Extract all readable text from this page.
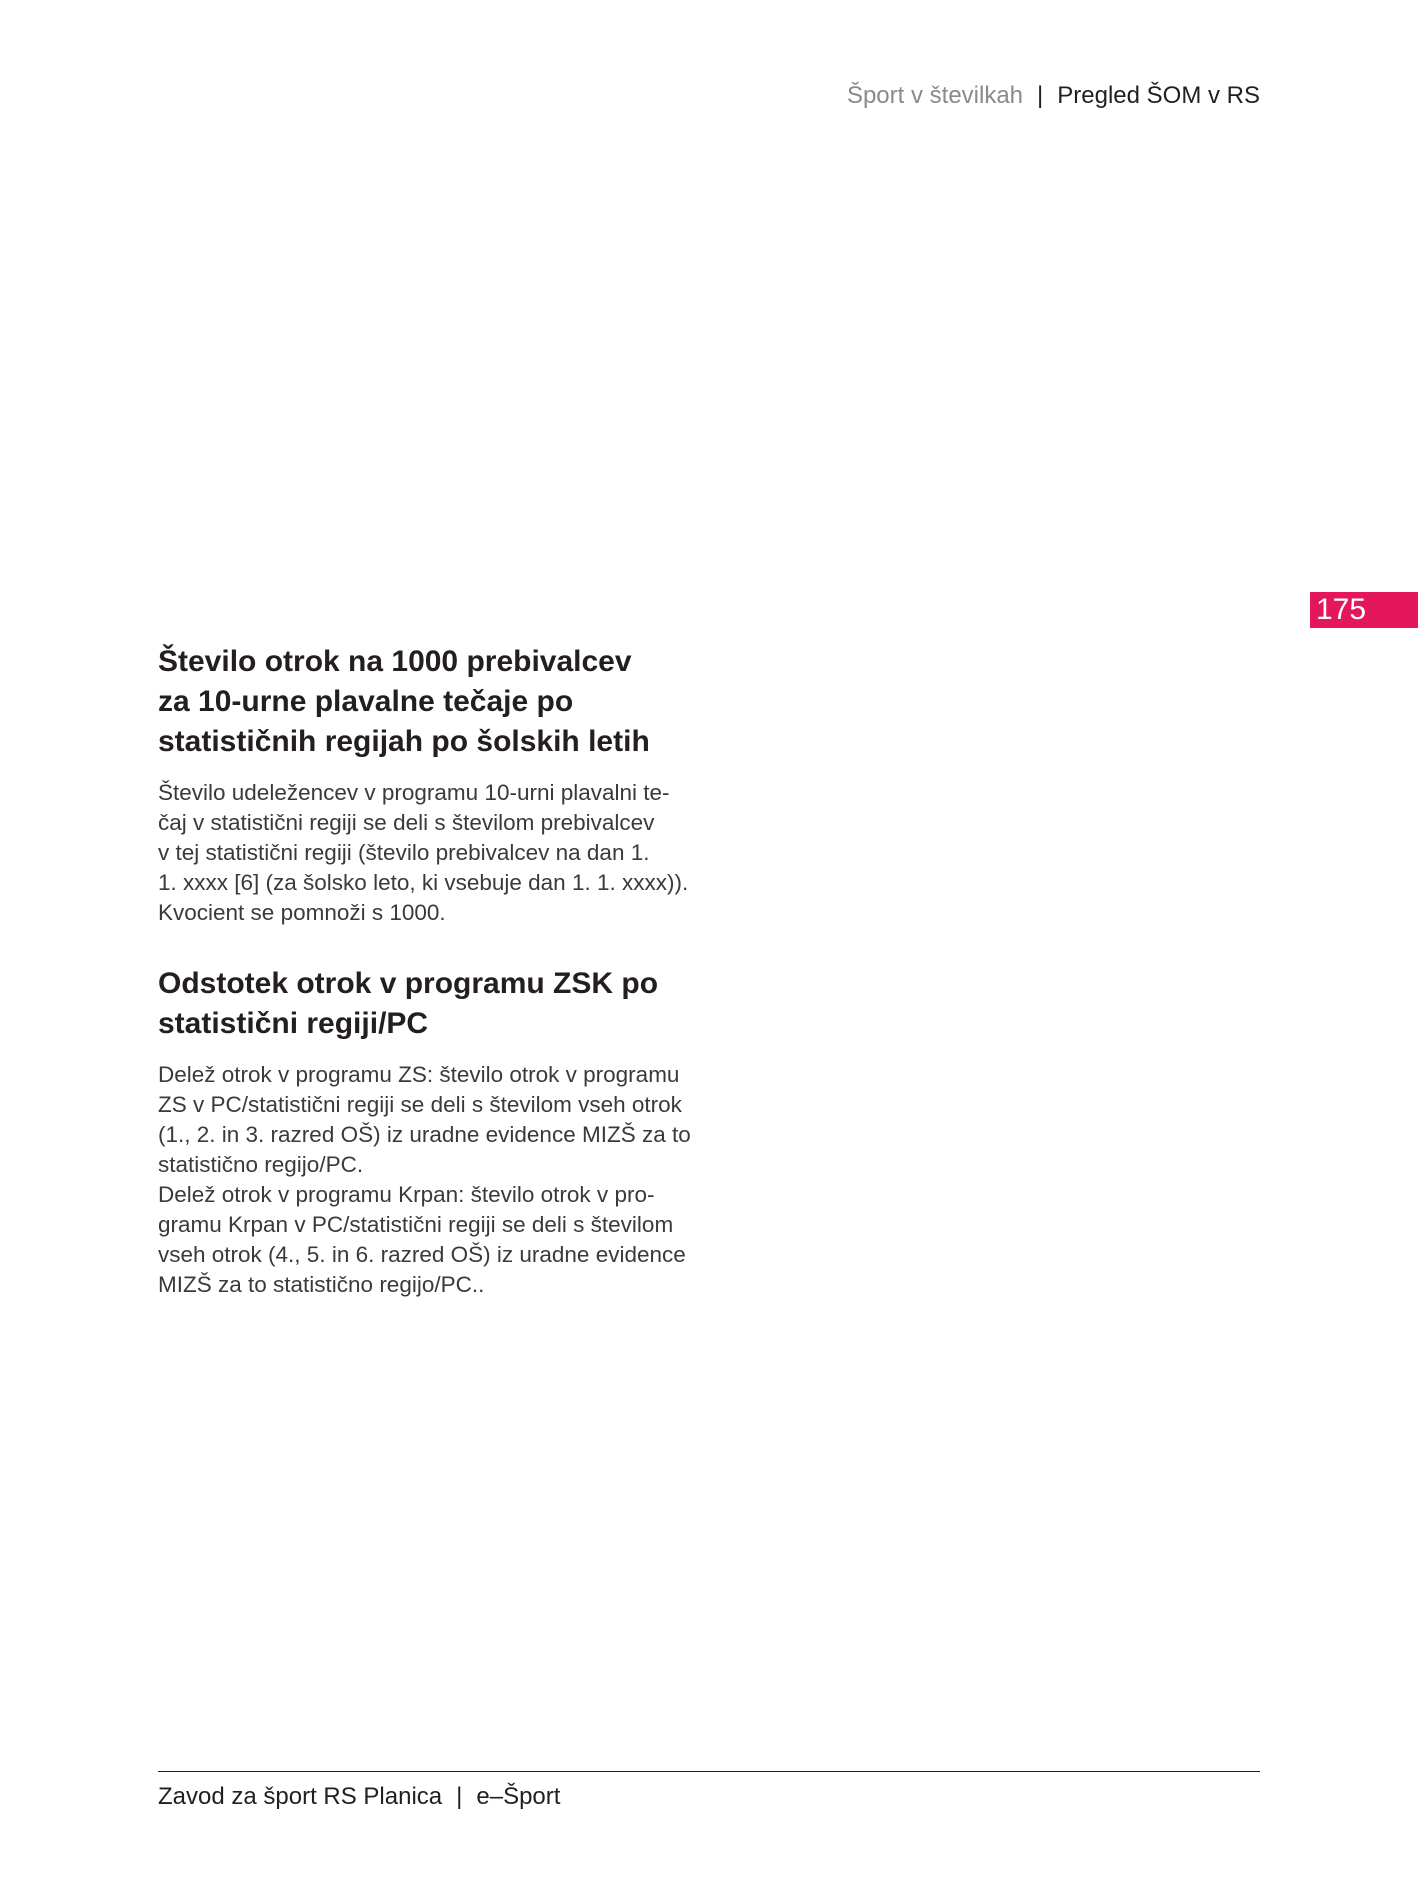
Šport v številkah | Pregled ŠOM v RS
175
Število otrok na 1000 prebivalcev
za 10-urne plavalne tečaje po
statističnih regijah po šolskih letih

Število udeležencev v programu 10-urni plavalni te-
čaj v statistični regiji se deli s številom prebivalcev
v tej statistični regiji (število prebivalcev na dan 1.
1. xxxx [6] (za šolsko leto, ki vsebuje dan 1. 1. xxxx)).
Kvocient se pomnoži s 1000.

Odstotek otrok v programu ZSK po
statistični regiji/PC

Delež otrok v programu ZS: število otrok v programu
ZS v PC/statistični regiji se deli s številom vseh otrok
(1., 2. in 3. razred OŠ) iz uradne evidence MIZŠ za to
statistično regijo/PC.
Delež otrok v programu Krpan: število otrok v pro-
gramu Krpan v PC/statistični regiji se deli s številom
vseh otrok (4., 5. in 6. razred OŠ) iz uradne evidence
MIZŠ za to statistično regijo/PC..

Zavod za šport RS Planica | e–Šport
